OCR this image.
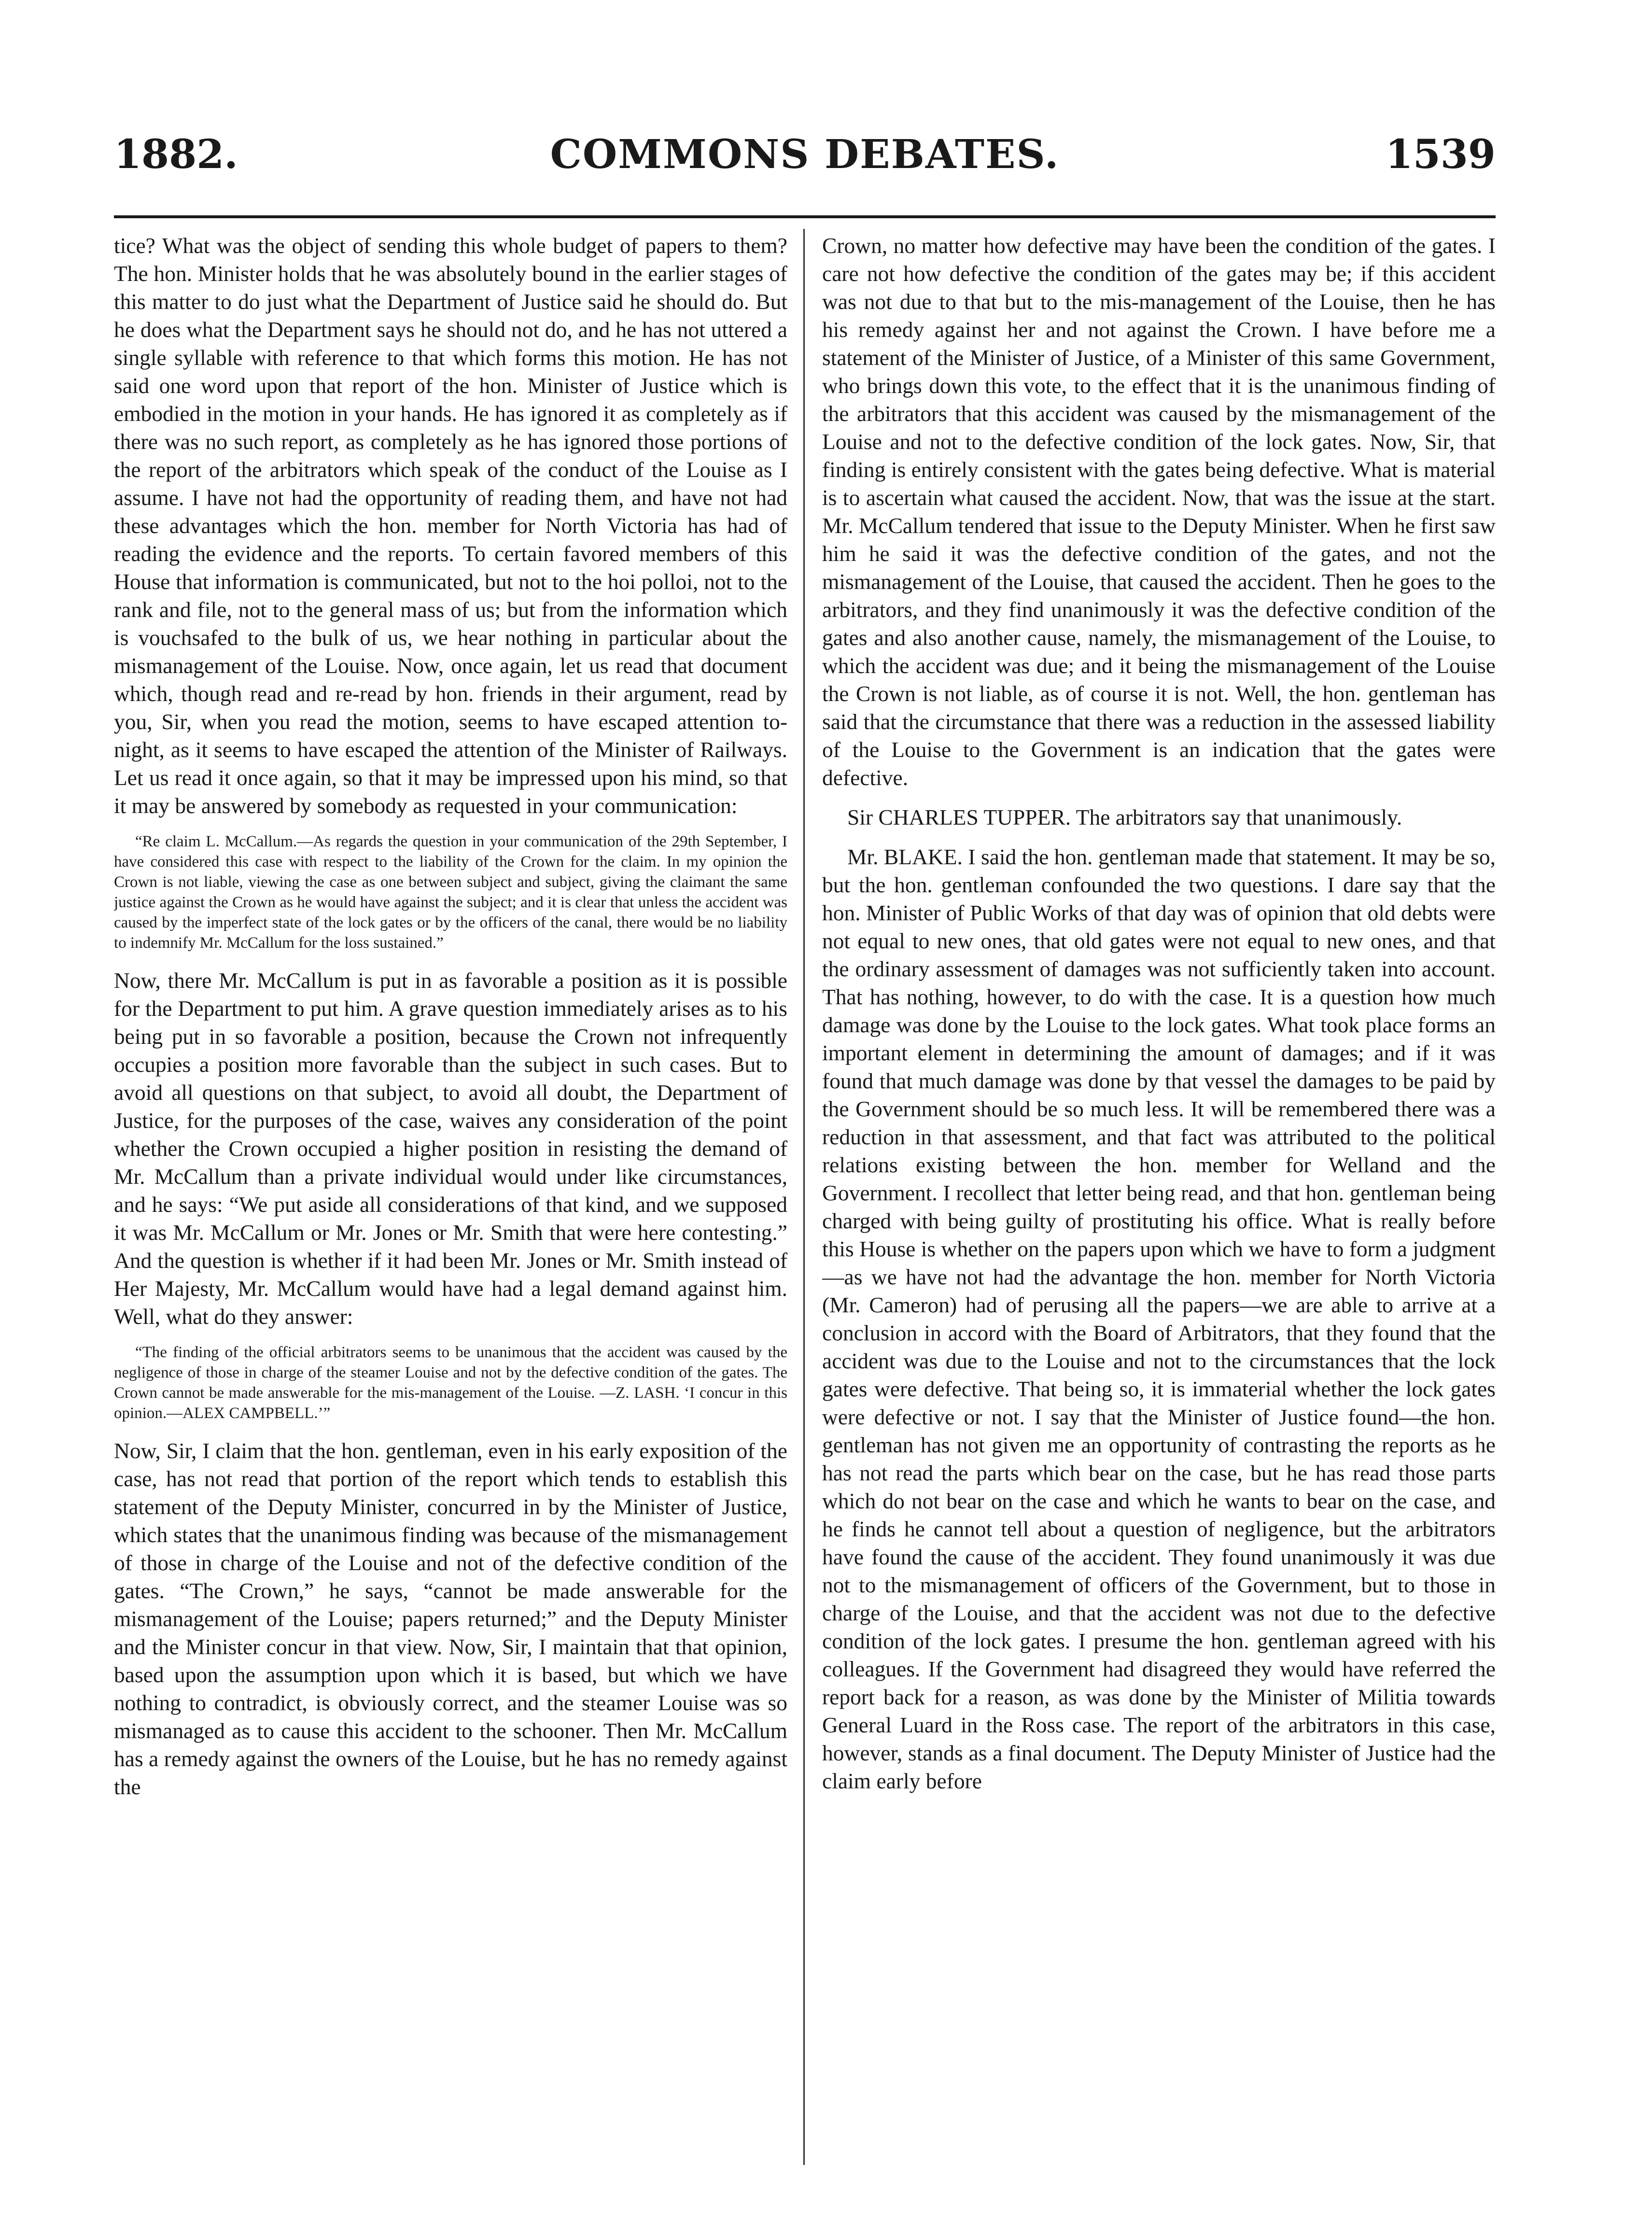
1882.	COMMONS DEBATES.	1539

tice? What was the object of sending this whole budget of papers to them? The hon. Minister holds that he was absolutely bound in the earlier stages of this matter to do just what the Department of Justice said he should do. But he does what the Department says he should not do, and he has not uttered a single syllable with reference to that which forms this motion. He has not said one word upon that report of the hon. Minister of Justice which is embodied in the motion in your hands. He has ignored it as completely as if there was no such report, as completely as he has ignored those portions of the report of the arbitrators which speak of the conduct of the Louise as I assume. I have not had the opportunity of reading them, and have not had these advantages which the hon. member for North Victoria has had of reading the evidence and the reports. To certain favored members of this House that information is communicated, but not to the hoi polloi, not to the rank and file, not to the general mass of us; but from the information which is vouchsafed to the bulk of us, we hear nothing in particular about the mismanagement of the Louise. Now, once again, let us read that document which, though read and re-read by hon. friends in their argument, read by you, Sir, when you read the motion, seems to have escaped attention to-night, as it seems to have escaped the attention of the Minister of Railways. Let us read it once again, so that it may be impressed upon his mind, so that it may be answered by somebody as requested in your communication:

“Re claim L. McCallum.—As regards the question in your communication of the 29th September, I have considered this case with respect to the liability of the Crown for the claim. In my opinion the Crown is not liable, viewing the case as one between subject and subject, giving the claimant the same justice against the Crown as he would have against the subject; and it is clear that unless the accident was caused by the imperfect state of the lock gates or by the officers of the canal, there would be no liability to indemnify Mr. McCallum for the loss sustained.”

Now, there Mr. McCallum is put in as favorable a position as it is possible for the Department to put him. A grave question immediately arises as to his being put in so favorable a position, because the Crown not infrequently occupies a position more favorable than the subject in such cases. But to avoid all questions on that subject, to avoid all doubt, the Department of Justice, for the purposes of the case, waives any consideration of the point whether the Crown occupied a higher position in resisting the demand of Mr. McCallum than a private individual would under like circumstances, and he says: “We put aside all considerations of that kind, and we supposed it was Mr. McCallum or Mr. Jones or Mr. Smith that were here contesting.” And the question is whether if it had been Mr. Jones or Mr. Smith instead of Her Majesty, Mr. McCallum would have had a legal demand against him. Well, what do they answer:

“The finding of the official arbitrators seems to be unanimous that the accident was caused by the negligence of those in charge of the steamer Louise and not by the defective condition of the gates. The Crown cannot be made answerable for the mis-management of the Louise. —Z. LASH. ‘I concur in this opinion.—ALEX CAMPBELL.’”

Now, Sir, I claim that the hon. gentleman, even in his early exposition of the case, has not read that portion of the report which tends to establish this statement of the Deputy Minister, concurred in by the Minister of Justice, which states that the unanimous finding was because of the mismanagement of those in charge of the Louise and not of the defective condition of the gates. “The Crown,” he says, “cannot be made answerable for the mismanagement of the Louise; papers returned;” and the Deputy Minister and the Minister concur in that view. Now, Sir, I maintain that that opinion, based upon the assumption upon which it is based, but which we have nothing to contradict, is obviously correct, and the steamer Louise was so mismanaged as to cause this accident to the schooner. Then Mr. McCallum has a remedy against the owners of the Louise, but he has no remedy against the

Crown, no matter how defective may have been the condition of the gates. I care not how defective the condition of the gates may be; if this accident was not due to that but to the mis-management of the Louise, then he has his remedy against her and not against the Crown. I have before me a statement of the Minister of Justice, of a Minister of this same Government, who brings down this vote, to the effect that it is the unanimous finding of the arbitrators that this accident was caused by the mismanagement of the Louise and not to the defective condition of the lock gates. Now, Sir, that finding is entirely consistent with the gates being defective. What is material is to ascertain what caused the accident. Now, that was the issue at the start. Mr. McCallum tendered that issue to the Deputy Minister. When he first saw him he said it was the defective condition of the gates, and not the mismanagement of the Louise, that caused the accident. Then he goes to the arbitrators, and they find unanimously it was the defective condition of the gates and also another cause, namely, the mismanagement of the Louise, to which the accident was due; and it being the mismanagement of the Louise the Crown is not liable, as of course it is not. Well, the hon. gentleman has said that the circumstance that there was a reduction in the assessed liability of the Louise to the Government is an indication that the gates were defective.

Sir CHARLES TUPPER. The arbitrators say that unanimously.

Mr. BLAKE. I said the hon. gentleman made that statement. It may be so, but the hon. gentleman confounded the two questions. I dare say that the hon. Minister of Public Works of that day was of opinion that old debts were not equal to new ones, that old gates were not equal to new ones, and that the ordinary assessment of damages was not sufficiently taken into account. That has nothing, however, to do with the case. It is a question how much damage was done by the Louise to the lock gates. What took place forms an important element in determining the amount of damages; and if it was found that much damage was done by that vessel the damages to be paid by the Government should be so much less. It will be remembered there was a reduction in that assessment, and that fact was attributed to the political relations existing between the hon. member for Welland and the Government. I recollect that letter being read, and that hon. gentleman being charged with being guilty of prostituting his office. What is really before this House is whether on the papers upon which we have to form a judgment—as we have not had the advantage the hon. member for North Victoria (Mr. Cameron) had of perusing all the papers—we are able to arrive at a conclusion in accord with the Board of Arbitrators, that they found that the accident was due to the Louise and not to the circumstances that the lock gates were defective. That being so, it is immaterial whether the lock gates were defective or not. I say that the Minister of Justice found—the hon. gentleman has not given me an opportunity of contrasting the reports as he has not read the parts which bear on the case, but he has read those parts which do not bear on the case and which he wants to bear on the case, and he finds he cannot tell about a question of negligence, but the arbitrators have found the cause of the accident. They found unanimously it was due not to the mismanagement of officers of the Government, but to those in charge of the Louise, and that the accident was not due to the defective condition of the lock gates. I presume the hon. gentleman agreed with his colleagues. If the Government had disagreed they would have referred the report back for a reason, as was done by the Minister of Militia towards General Luard in the Ross case. The report of the arbitrators in this case, however, stands as a final document. The Deputy Minister of Justice had the claim early before
